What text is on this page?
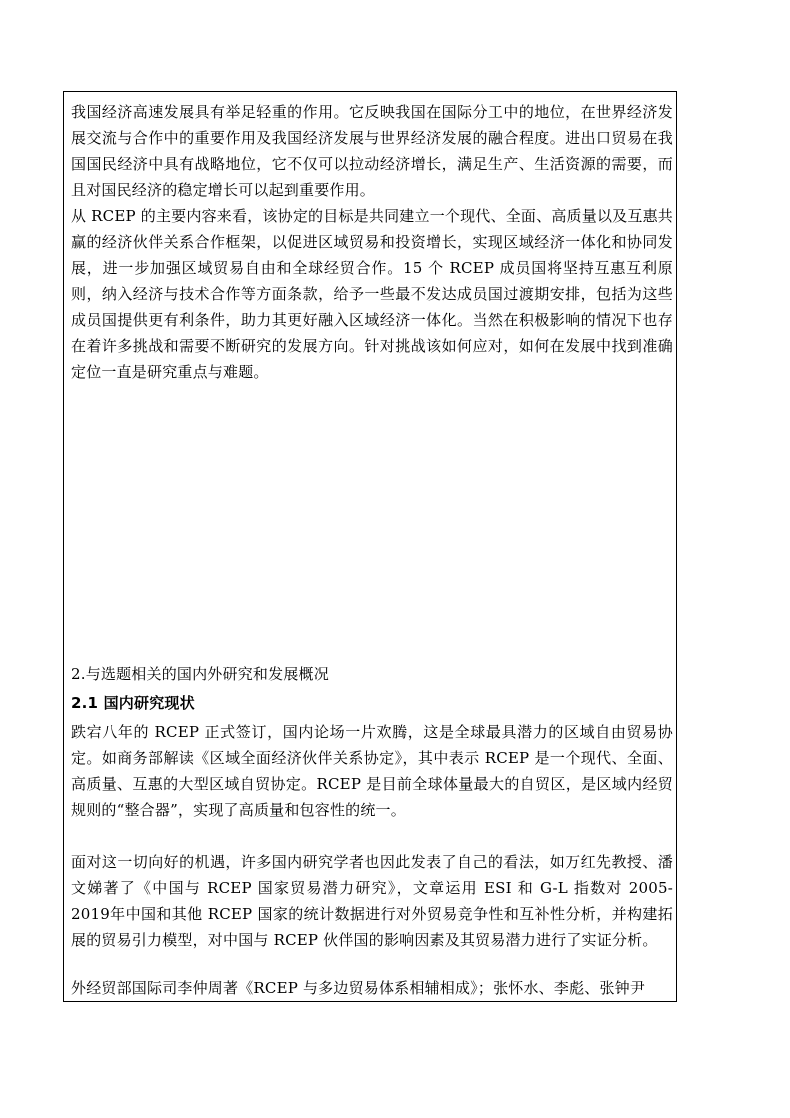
我国经济高速发展具有举足轻重的作用。它反映我国在国际分工中的地位，在世界经济发展交流与合作中的重要作用及我国经济发展与世界经济发展的融合程度。进出口贸易在我国国民经济中具有战略地位，它不仅可以拉动经济增长，满足生产、生活资源的需要，而且对国民经济的稳定增长可以起到重要作用。

从 RCEP 的主要内容来看，该协定的目标是共同建立一个现代、全面、高质量以及互惠共赢的经济伙伴关系合作框架，以促进区域贸易和投资增长，实现区域经济一体化和协同发展，进一步加强区域贸易自由和全球经贸合作。15 个 RCEP 成员国将坚持互惠互利原则，纳入经济与技术合作等方面条款，给予一些最不发达成员国过渡期安排，包括为这些成员国提供更有利条件，助力其更好融入区域经济一体化。当然在积极影响的情况下也存在着许多挑战和需要不断研究的发展方向。针对挑战该如何应对，如何在发展中找到准确定位一直是研究重点与难题。

2.与选题相关的国内外研究和发展概况

2.1 国内研究现状

跌宕八年的 RCEP 正式签订，国内论场一片欢腾，这是全球最具潜力的区域自由贸易协定。如商务部解读《区域全面经济伙伴关系协定》，其中表示 RCEP 是一个现代、全面、高质量、互惠的大型区域自贸协定。RCEP 是目前全球体量最大的自贸区，是区域内经贸规则的“整合器”，实现了高质量和包容性的统一。

面对这一切向好的机遇，许多国内研究学者也因此发表了自己的看法，如万红先教授、潘文娣著了《中国与 RCEP 国家贸易潜力研究》，文章运用 ESI 和 G-L 指数对 2005-2019年中国和其他 RCEP 国家的统计数据进行对外贸易竞争性和互补性分析，并构建拓展的贸易引力模型，对中国与 RCEP 伙伴国的影响因素及其贸易潜力进行了实证分析。

外经贸部国际司李仲周著《RCEP 与多边贸易体系相辅相成》；张怀水、李彪、张钟尹
